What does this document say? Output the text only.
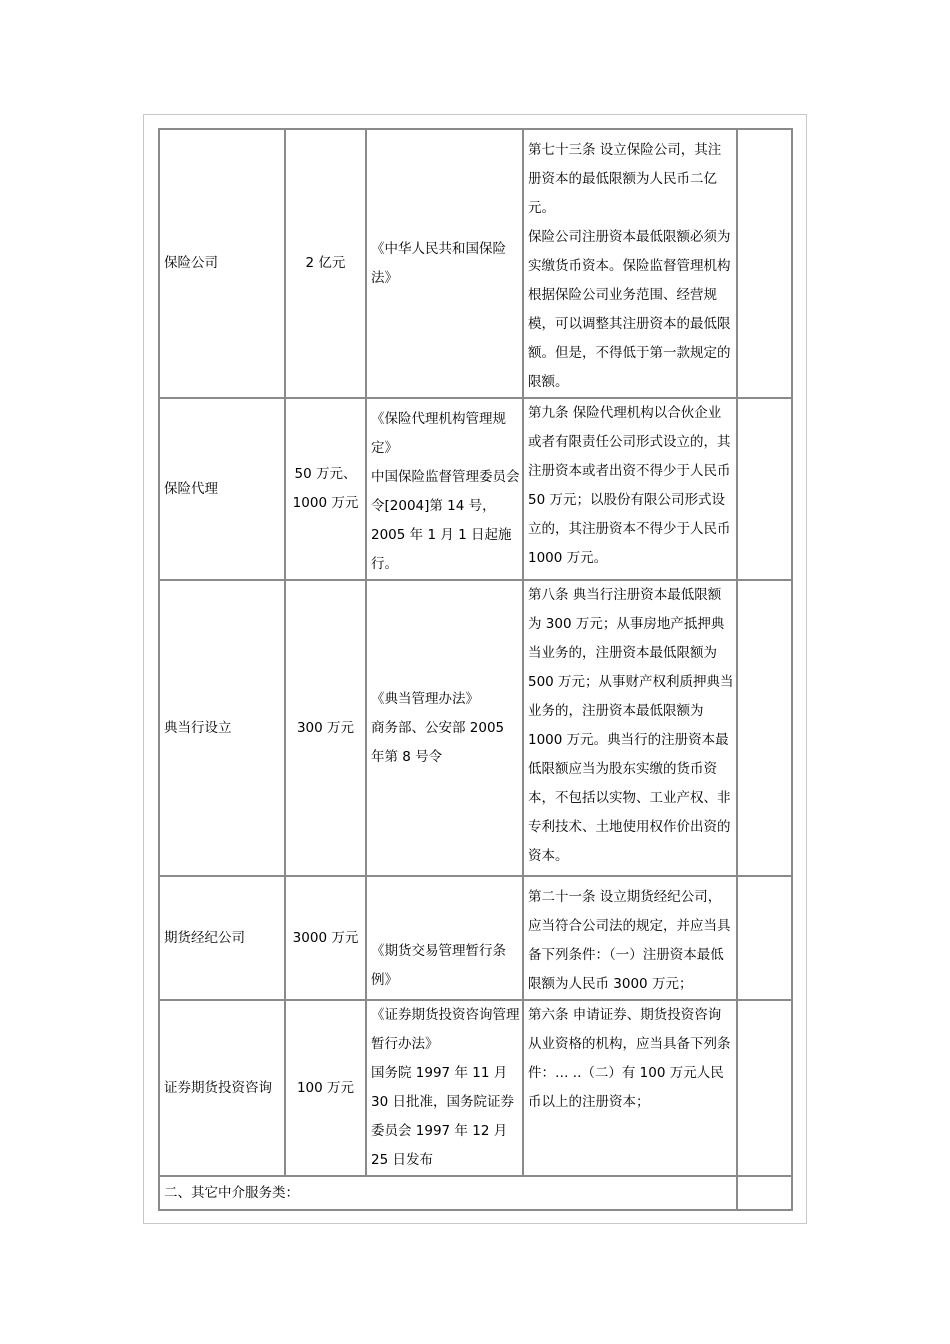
保险公司	2 亿元	《中华人民共和国保险法》	第七十三条 设立保险公司，其注册资本的最低限额为人民币二亿元。
保险公司注册资本最低限额必须为实缴货币资本。保险监督管理机构根据保险公司业务范围、经营规模，可以调整其注册资本的最低限额。但是，不得低于第一款规定的限额。	

保险代理	50 万元、
1000 万元	《保险代理机构管理规定》
中国保险监督管理委员会令[2004]第 14 号，2005 年 1 月 1 日起施行。	第九条 保险代理机构以合伙企业或者有限责任公司形式设立的，其注册资本或者出资不得少于人民币 50 万元；以股份有限公司形式设立的，其注册资本不得少于人民币 1000 万元。	

典当行设立	300 万元	《典当管理办法》
商务部、公安部 2005 年第 8 号令	第八条 典当行注册资本最低限额为 300 万元；从事房地产抵押典当业务的，注册资本最低限额为 500 万元；从事财产权利质押典当业务的，注册资本最低限额为 1000 万元。典当行的注册资本最低限额应当为股东实缴的货币资本，不包括以实物、工业产权、非专利技术、土地使用权作价出资的资本。	

期货经纪公司	3000 万元	《期货交易管理暂行条例》	第二十一条 设立期货经纪公司，应当符合公司法的规定，并应当具备下列条件：（一）注册资本最低限额为人民币 3000 万元；	

证券期货投资咨询	100 万元	《证券期货投资咨询管理暂行办法》
国务院 1997 年 11 月 30 日批准，国务院证券委员会 1997 年 12 月 25 日发布	第六条 申请证券、期货投资咨询从业资格的机构，应当具备下列条件：… ..（二）有 100 万元人民币以上的注册资本；	

二、其它中介服务类：				
